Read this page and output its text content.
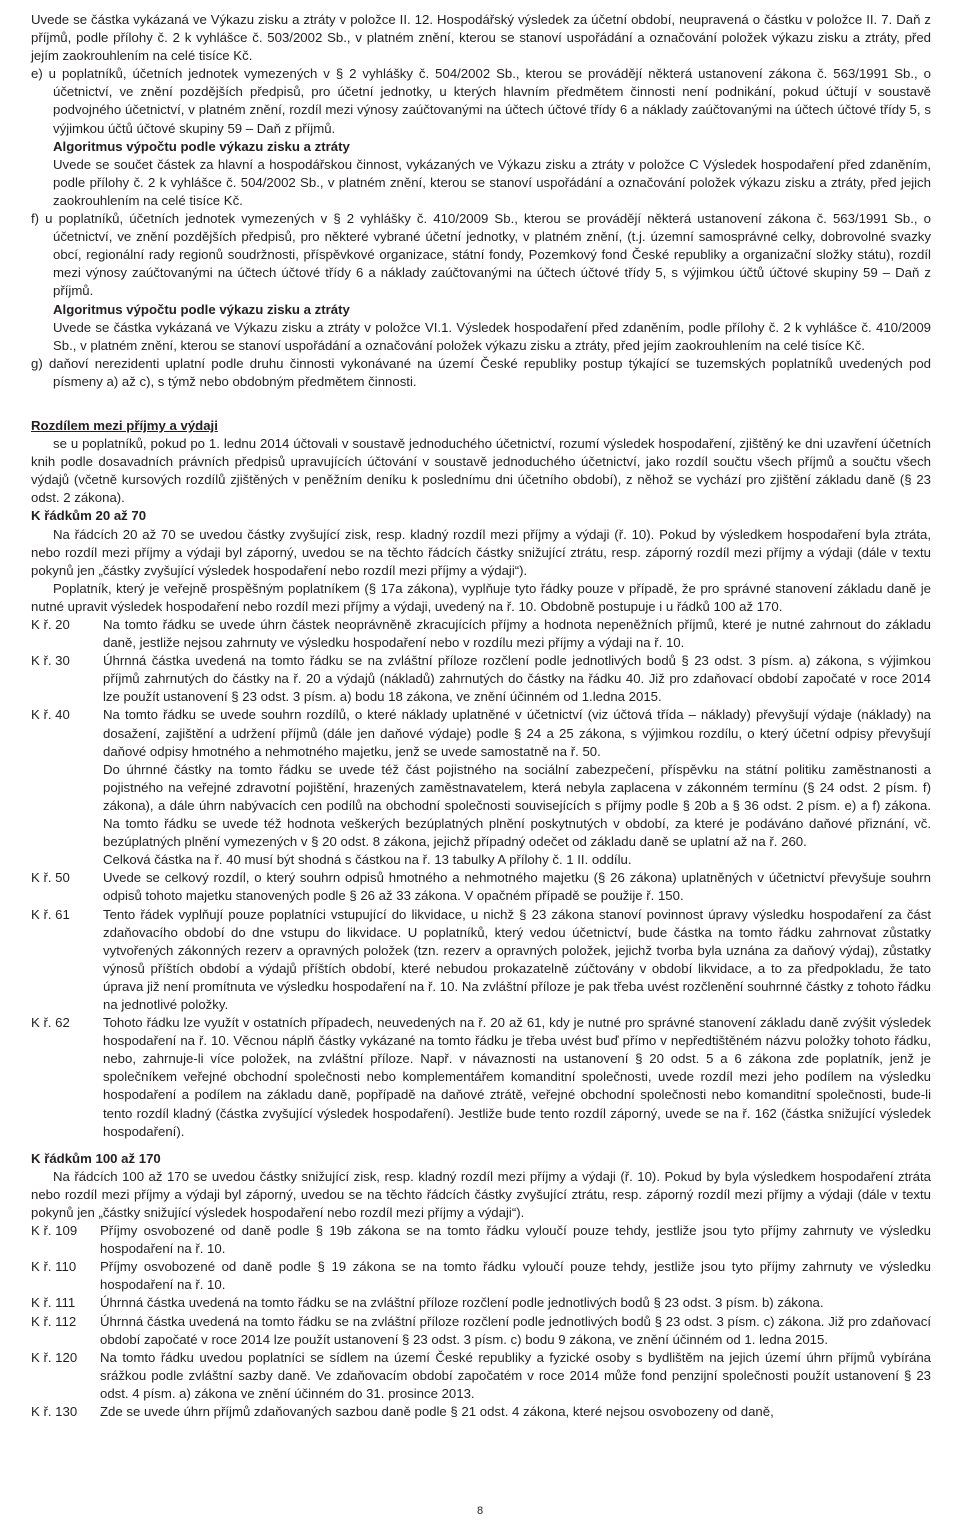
Uvede se částka vykázaná ve Výkazu zisku a ztráty v položce II. 12. Hospodářský výsledek za účetní období, neupravená o částku v položce II. 7. Daň z příjmů, podle přílohy č. 2 k vyhlášce č. 503/2002 Sb., v platném znění, kterou se stanoví uspořádání a označování položek výkazu zisku a ztráty, před jejím zaokrouhlením na celé tisíce Kč.

e) u poplatníků, účetních jednotek vymezených v § 2 vyhlášky č. 504/2002 Sb., kterou se provádějí některá ustanovení zákona č. 563/1991 Sb., o účetnictví, ve znění pozdějších předpisů, pro účetní jednotky, u kterých hlavním předmětem činnosti není podnikání, pokud účtují v soustavě podvojného účetnictví, v platném znění, rozdíl mezi výnosy zaúčtovanými na účtech účtové třídy 6 a náklady zaúčtovanými na účtech účtové třídy 5, s výjimkou účtů účtové skupiny 59 – Daň z příjmů.

Algoritmus výpočtu podle výkazu zisku a ztráty

Uvede se součet částek za hlavní a hospodářskou činnost, vykázaných ve Výkazu zisku a ztráty v položce C Výsledek hospodaření před zdaněním, podle přílohy č. 2 k vyhlášce č. 504/2002 Sb., v platném znění, kterou se stanoví uspořádání a označování položek výkazu zisku a ztráty, před jejich zaokrouhlením na celé tisíce Kč.

f) u poplatníků, účetních jednotek vymezených v § 2 vyhlášky č. 410/2009 Sb., kterou se provádějí některá ustanovení zákona č. 563/1991 Sb., o účetnictví, ve znění pozdějších předpisů, pro některé vybrané účetní jednotky, v platném znění, (t.j. územní samosprávné celky, dobrovolné svazky obcí, regionální rady regionů soudržnosti, příspěvkové organizace, státní fondy, Pozemkový fond České republiky a organizační složky státu), rozdíl mezi výnosy zaúčtovanými na účtech účtové třídy 6 a náklady zaúčtovanými na účtech účtové třídy 5, s výjimkou účtů účtové skupiny 59 – Daň z příjmů.

Algoritmus výpočtu podle výkazu zisku a ztráty

Uvede se částka vykázaná ve Výkazu zisku a ztráty v položce VI.1. Výsledek hospodaření před zdaněním, podle přílohy č. 2 k vyhlášce č. 410/2009 Sb., v platném znění, kterou se stanoví uspořádání a označování položek výkazu zisku a ztráty, před jejím zaokrouhlením na celé tisíce Kč.

g) daňoví nerezidenti uplatní podle druhu činnosti vykonávané na území České republiky postup týkající se tuzemských poplatníků uvedených pod písmeny a) až c), s týmž nebo obdobným předmětem činnosti.

Rozdílem mezi příjmy a výdaji

se u poplatníků, pokud po 1. lednu 2014 účtovali v soustavě jednoduchého účetnictví, rozumí výsledek hospodaření, zjištěný ke dni uzavření účetních knih podle dosavadních právních předpisů upravujících účtování v soustavě jednoduchého účetnictví, jako rozdíl součtu všech příjmů a součtu všech výdajů (včetně kursových rozdílů zjištěných v peněžním deníku k poslednímu dni účetního období), z něhož se vychází pro zjištění základu daně (§ 23 odst. 2 zákona).

K řádkům 20 až 70

Na řádcích 20 až 70 se uvedou částky zvyšující zisk, resp. kladný rozdíl mezi příjmy a výdaji (ř. 10). Pokud by výsledkem hospodaření byla ztráta, nebo rozdíl mezi příjmy a výdaji byl záporný, uvedou se na těchto řádcích částky snižující ztrátu, resp. záporný rozdíl mezi příjmy a výdaji (dále v textu pokynů jen „částky zvyšující výsledek hospodaření nebo rozdíl mezi příjmy a výdaji“).

Poplatník, který je veřejně prospěšným poplatníkem (§ 17a zákona), vyplňuje tyto řádky pouze v případě, že pro správné stanovení základu daně je nutné upravit výsledek hospodaření nebo rozdíl mezi příjmy a výdaji, uvedený na ř. 10. Obdobně postupuje i u řádků 100 až 170.

K ř. 20	Na tomto řádku se uvede úhrn částek neoprávněně zkracujících příjmy a hodnota nepeněžních příjmů, které je nutné zahrnout do základu daně, jestliže nejsou zahrnuty ve výsledku hospodaření nebo v rozdílu mezi příjmy a výdaji na ř. 10.
K ř. 30	Úhrnná částka uvedená na tomto řádku se na zvláštní příloze rozčlení podle jednotlivých bodů § 23 odst. 3 písm. a) zákona, s výjimkou příjmů zahrnutých do částky na ř. 20 a výdajů (nákladů) zahrnutých do částky na řádku 40. Již pro zdaňovací období započaté v roce 2014 lze použít ustanovení § 23 odst. 3 písm. a) bodu 18 zákona, ve znění účinném od 1.ledna 2015.
K ř. 40	Na tomto řádku se uvede souhrn rozdílů, o které náklady uplatněné v účetnictví (viz účtová třída – náklady) převyšují výdaje (náklady) na dosažení, zajištění a udržení příjmů (dále jen daňové výdaje) podle § 24 a 25 zákona, s výjimkou rozdílu, o který účetní odpisy převyšují daňové odpisy hmotného a nehmotného majetku, jenž se uvede samostatně na ř. 50.
Do úhrnné částky na tomto řádku se uvede též část pojistného na sociální zabezpečení, příspěvku na státní politiku zaměstnanosti a pojistného na veřejné zdravotní pojištění, hrazených zaměstnavatelem, která nebyla zaplacena v zákonném termínu (§ 24 odst. 2 písm. f) zákona), a dále úhrn nabývacích cen podílů na obchodní společnosti souvisejících s příjmy podle § 20b a § 36 odst. 2 písm. e) a f) zákona. Na tomto řádku se uvede též hodnota veškerých bezúplatných plnění poskytnutých v období, za které je podáváno daňové přiznání, vč. bezúplatných plnění vymezených v § 20 odst. 8 zákona, jejichž případný odečet od základu daně se uplatní až na ř. 260.
Celková částka na ř. 40 musí být shodná s částkou na ř. 13 tabulky A přílohy č. 1 II. oddílu.
K ř. 50	Uvede se celkový rozdíl, o který souhrn odpisů hmotného a nehmotného majetku (§ 26 zákona) uplatněných v účetnictví převyšuje souhrn odpisů tohoto majetku stanovených podle § 26 až 33 zákona. V opačném případě se použije ř. 150.
K ř. 61	Tento řádek vyplňují pouze poplatníci vstupující do likvidace, u nichž § 23 zákona stanoví povinnost úpravy výsledku hospodaření za část zdaňovacího období do dne vstupu do likvidace. U poplatníků, který vedou účetnictví, bude částka na tomto řádku zahrnovat zůstatky vytvořených zákonných rezerv a opravných položek (tzn. rezerv a opravných položek, jejichž tvorba byla uznána za daňový výdaj), zůstatky výnosů příštích období a výdajů příštích období, které nebudou prokazatelně zúčtovány v období likvidace, a to za předpokladu, že tato úprava již není promítnuta ve výsledku hospodaření na ř. 10. Na zvláštní příloze je pak třeba uvést rozčlenění souhrnné částky z tohoto řádku na jednotlivé položky.
K ř. 62	Tohoto řádku lze využít v ostatních případech, neuvedených na ř. 20 až 61, kdy je nutné pro správné stanovení základu daně zvýšit výsledek hospodaření na ř. 10. Věcnou náplň částky vykázané na tomto řádku je třeba uvést buď přímo v nepředtištěném názvu položky tohoto řádku, nebo, zahrnuje-li více položek, na zvláštní příloze. Např. v návaznosti na ustanovení § 20 odst. 5 a 6 zákona zde poplatník, jenž je společníkem veřejné obchodní společnosti nebo komplementářem komanditní společnosti, uvede rozdíl mezi jeho podílem na výsledku hospodaření a podílem na základu daně, popřípadě na daňové ztrátě, veřejné obchodní společnosti nebo komanditní společnosti, bude-li tento rozdíl kladný (částka zvyšující výsledek hospodaření). Jestliže bude tento rozdíl záporný, uvede se na ř. 162 (částka snižující výsledek hospodaření).

K řádkům 100 až 170

Na řádcích 100 až 170 se uvedou částky snižující zisk, resp. kladný rozdíl mezi příjmy a výdaji (ř. 10). Pokud by byla výsledkem hospodaření ztráta nebo rozdíl mezi příjmy a výdaji byl záporný, uvedou se na těchto řádcích částky zvyšující ztrátu, resp. záporný rozdíl mezi příjmy a výdaji (dále v textu pokynů jen „částky snižující výsledek hospodaření nebo rozdíl mezi příjmy a výdaji“).

K ř. 109	Příjmy osvobozené od daně podle § 19b zákona se na tomto řádku vyloučí pouze tehdy, jestliže jsou tyto příjmy zahrnuty ve výsledku hospodaření na ř. 10.
K ř. 110	Příjmy osvobozené od daně podle § 19 zákona se na tomto řádku vyloučí pouze tehdy, jestliže jsou tyto příjmy zahrnuty ve výsledku hospodaření na ř. 10.
K ř. 111	Úhrnná částka uvedená na tomto řádku se na zvláštní příloze rozčlení podle jednotlivých bodů § 23 odst. 3 písm. b) zákona.
K ř. 112	Úhrnná částka uvedená na tomto řádku se na zvláštní příloze rozčlení podle jednotlivých bodů § 23 odst. 3 písm. c) zákona. Již pro zdaňovací období započaté v roce 2014 lze použít ustanovení § 23 odst. 3 písm. c) bodu 9 zákona, ve znění účinném od 1. ledna 2015.
K ř. 120	Na tomto řádku uvedou poplatníci se sídlem na území České republiky a fyzické osoby s bydlištěm na jejich území úhrn příjmů vybírána srážkou podle zvláštní sazby daně. Ve zdaňovacím období započatém v roce 2014 může fond penzijní společnosti použít ustanovení § 23 odst. 4 písm. a) zákona ve znění účinném do 31. prosince 2013.
K ř. 130	Zde se uvede úhrn příjmů zdaňovaných sazbou daně podle § 21 odst. 4 zákona, které nejsou osvobozeny od daně,
8
